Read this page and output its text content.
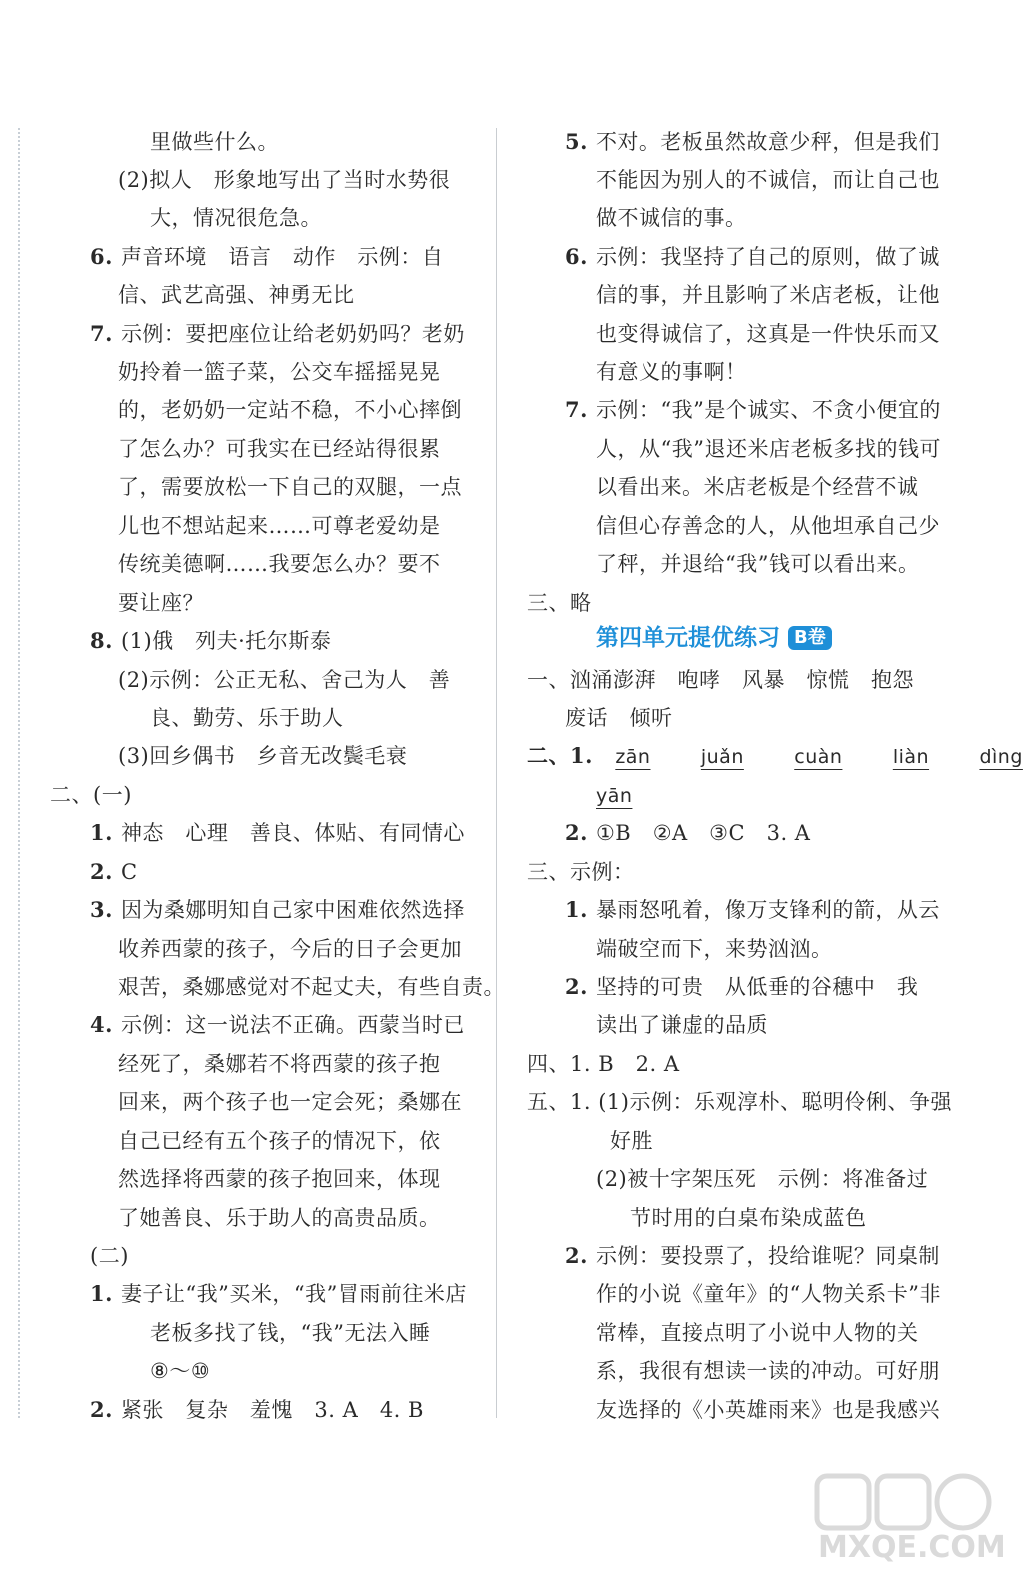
里做些什么。
(2)拟人　形象地写出了当时水势很
大，情况很危急。
6. 声音环境　语言　动作　示例：自
信、武艺高强、神勇无比
7. 示例：要把座位让给老奶奶吗？老奶
奶拎着一篮子菜，公交车摇摇晃晃
的，老奶奶一定站不稳，不小心摔倒
了怎么办？可我实在已经站得很累
了，需要放松一下自己的双腿，一点
儿也不想站起来……可尊老爱幼是
传统美德啊……我要怎么办？要不
要让座？
8. (1)俄　列夫·托尔斯泰
(2)示例：公正无私、舍己为人　善
良、勤劳、乐于助人
(3)回乡偶书　乡音无改鬓毛衰
二、(一)
1. 神态　心理　善良、体贴、有同情心
2. C
3. 因为桑娜明知自己家中困难依然选择
收养西蒙的孩子，今后的日子会更加
艰苦，桑娜感觉对不起丈夫，有些自责。
4. 示例：这一说法不正确。西蒙当时已
经死了，桑娜若不将西蒙的孩子抱
回来，两个孩子也一定会死；桑娜在
自己已经有五个孩子的情况下，依
然选择将西蒙的孩子抱回来，体现
了她善良、乐于助人的高贵品质。
(二)
1. 妻子让“我”买米，“我”冒雨前往米店
老板多找了钱，“我”无法入睡
⑧～⑩
2. 紧张　复杂　羞愧　3. A　4. B
5. 不对。老板虽然故意少秤，但是我们
不能因为别人的不诚信，而让自己也
做不诚信的事。
6. 示例：我坚持了自己的原则，做了诚
信的事，并且影响了米店老板，让他
也变得诚信了，这真是一件快乐而又
有意义的事啊！
7. 示例：“我”是个诚实、不贪小便宜的
人，从“我”退还米店老板多找的钱可
以看出来。米店老板是个经营不诚
信但心存善念的人，从他坦承自己少
了秤，并退给“我”钱可以看出来。
三、略
一、汹涌澎湃　咆哮　风暴　惊慌　抱怨
废话　倾听
2. ①B　②A　③C　3. A
三、示例：
1. 暴雨怒吼着，像万支锋利的箭，从云
端破空而下，来势汹汹。
2. 坚持的可贵　从低垂的谷穗中　我
读出了谦虚的品质
四、1. B　2. A
五、1. (1)示例：乐观淳朴、聪明伶俐、争强
好胜
(2)被十字架压死　示例：将准备过
节时用的白桌布染成蓝色
2. 示例：要投票了，投给谁呢？同桌制
作的小说《童年》的“人物关系卡”非
常棒，直接点明了小说中人物的关
系，我很有想读一读的冲动。可好朋
友选择的《小英雄雨来》也是我感兴
第四单元提优练习 B卷
二、1. zān	juǎn	cuàn	liàn	dìng
yān
MXQE.COM
